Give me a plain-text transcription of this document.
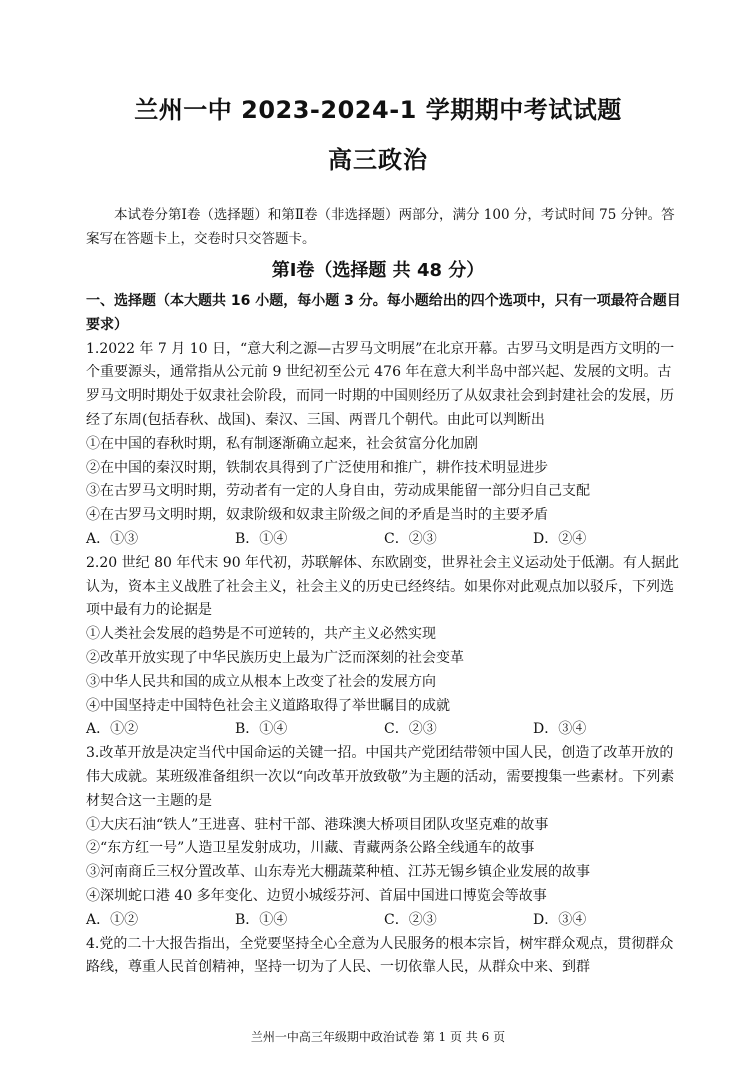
兰州一中 2023-2024-1 学期期中考试试题
高三政治
本试卷分第Ⅰ卷（选择题）和第Ⅱ卷（非选择题）两部分，满分 100 分，考试时间 75 分钟。答案写在答题卡上，交卷时只交答题卡。
第Ⅰ卷（选择题 共 48 分）
一、选择题（本大题共 16 小题，每小题 3 分。每小题给出的四个选项中，只有一项最符合题目要求）
1.2022 年 7 月 10 日，“意大利之源—古罗马文明展”在北京开幕。古罗马文明是西方文明的一个重要源头，通常指从公元前 9 世纪初至公元 476 年在意大利半岛中部兴起、发展的文明。古罗马文明时期处于奴隶社会阶段，而同一时期的中国则经历了从奴隶社会到封建社会的发展，历经了东周(包括春秋、战国)、秦汉、三国、两晋几个朝代。由此可以判断出
①在中国的春秋时期，私有制逐渐确立起来，社会贫富分化加剧
②在中国的秦汉时期，铁制农具得到了广泛使用和推广，耕作技术明显进步
③在古罗马文明时期，劳动者有一定的人身自由，劳动成果能留一部分归自己支配
④在古罗马文明时期，奴隶阶级和奴隶主阶级之间的矛盾是当时的主要矛盾
A．①③	B．①④	C．②③	D．②④
2.20 世纪 80 年代末 90 年代初，苏联解体、东欧剧变，世界社会主义运动处于低潮。有人据此认为，资本主义战胜了社会主义，社会主义的历史已经终结。如果你对此观点加以驳斥，下列选项中最有力的论据是
①人类社会发展的趋势是不可逆转的，共产主义必然实现
②改革开放实现了中华民族历史上最为广泛而深刻的社会变革
③中华人民共和国的成立从根本上改变了社会的发展方向
④中国坚持走中国特色社会主义道路取得了举世瞩目的成就
A．①②	B．①④	C．②③	D．③④
3.改革开放是决定当代中国命运的关键一招。中国共产党团结带领中国人民，创造了改革开放的伟大成就。某班级准备组织一次以“向改革开放致敬”为主题的活动，需要搜集一些素材。下列素材契合这一主题的是
①大庆石油“铁人”王进喜、驻村干部、港珠澳大桥项目团队攻坚克难的故事
②“东方红一号”人造卫星发射成功，川藏、青藏两条公路全线通车的故事
③河南商丘三权分置改革、山东寿光大棚蔬菜种植、江苏无锡乡镇企业发展的故事
④深圳蛇口港 40 多年变化、边贸小城绥芬河、首届中国进口博览会等故事
A．①②	B．①④	C．②③	D．③④
4.党的二十大报告指出，全党要坚持全心全意为人民服务的根本宗旨，树牢群众观点，贯彻群众路线，尊重人民首创精神，坚持一切为了人民、一切依靠人民，从群众中来、到群
兰州一中高三年级期中政治试卷 第 1 页 共 6 页
